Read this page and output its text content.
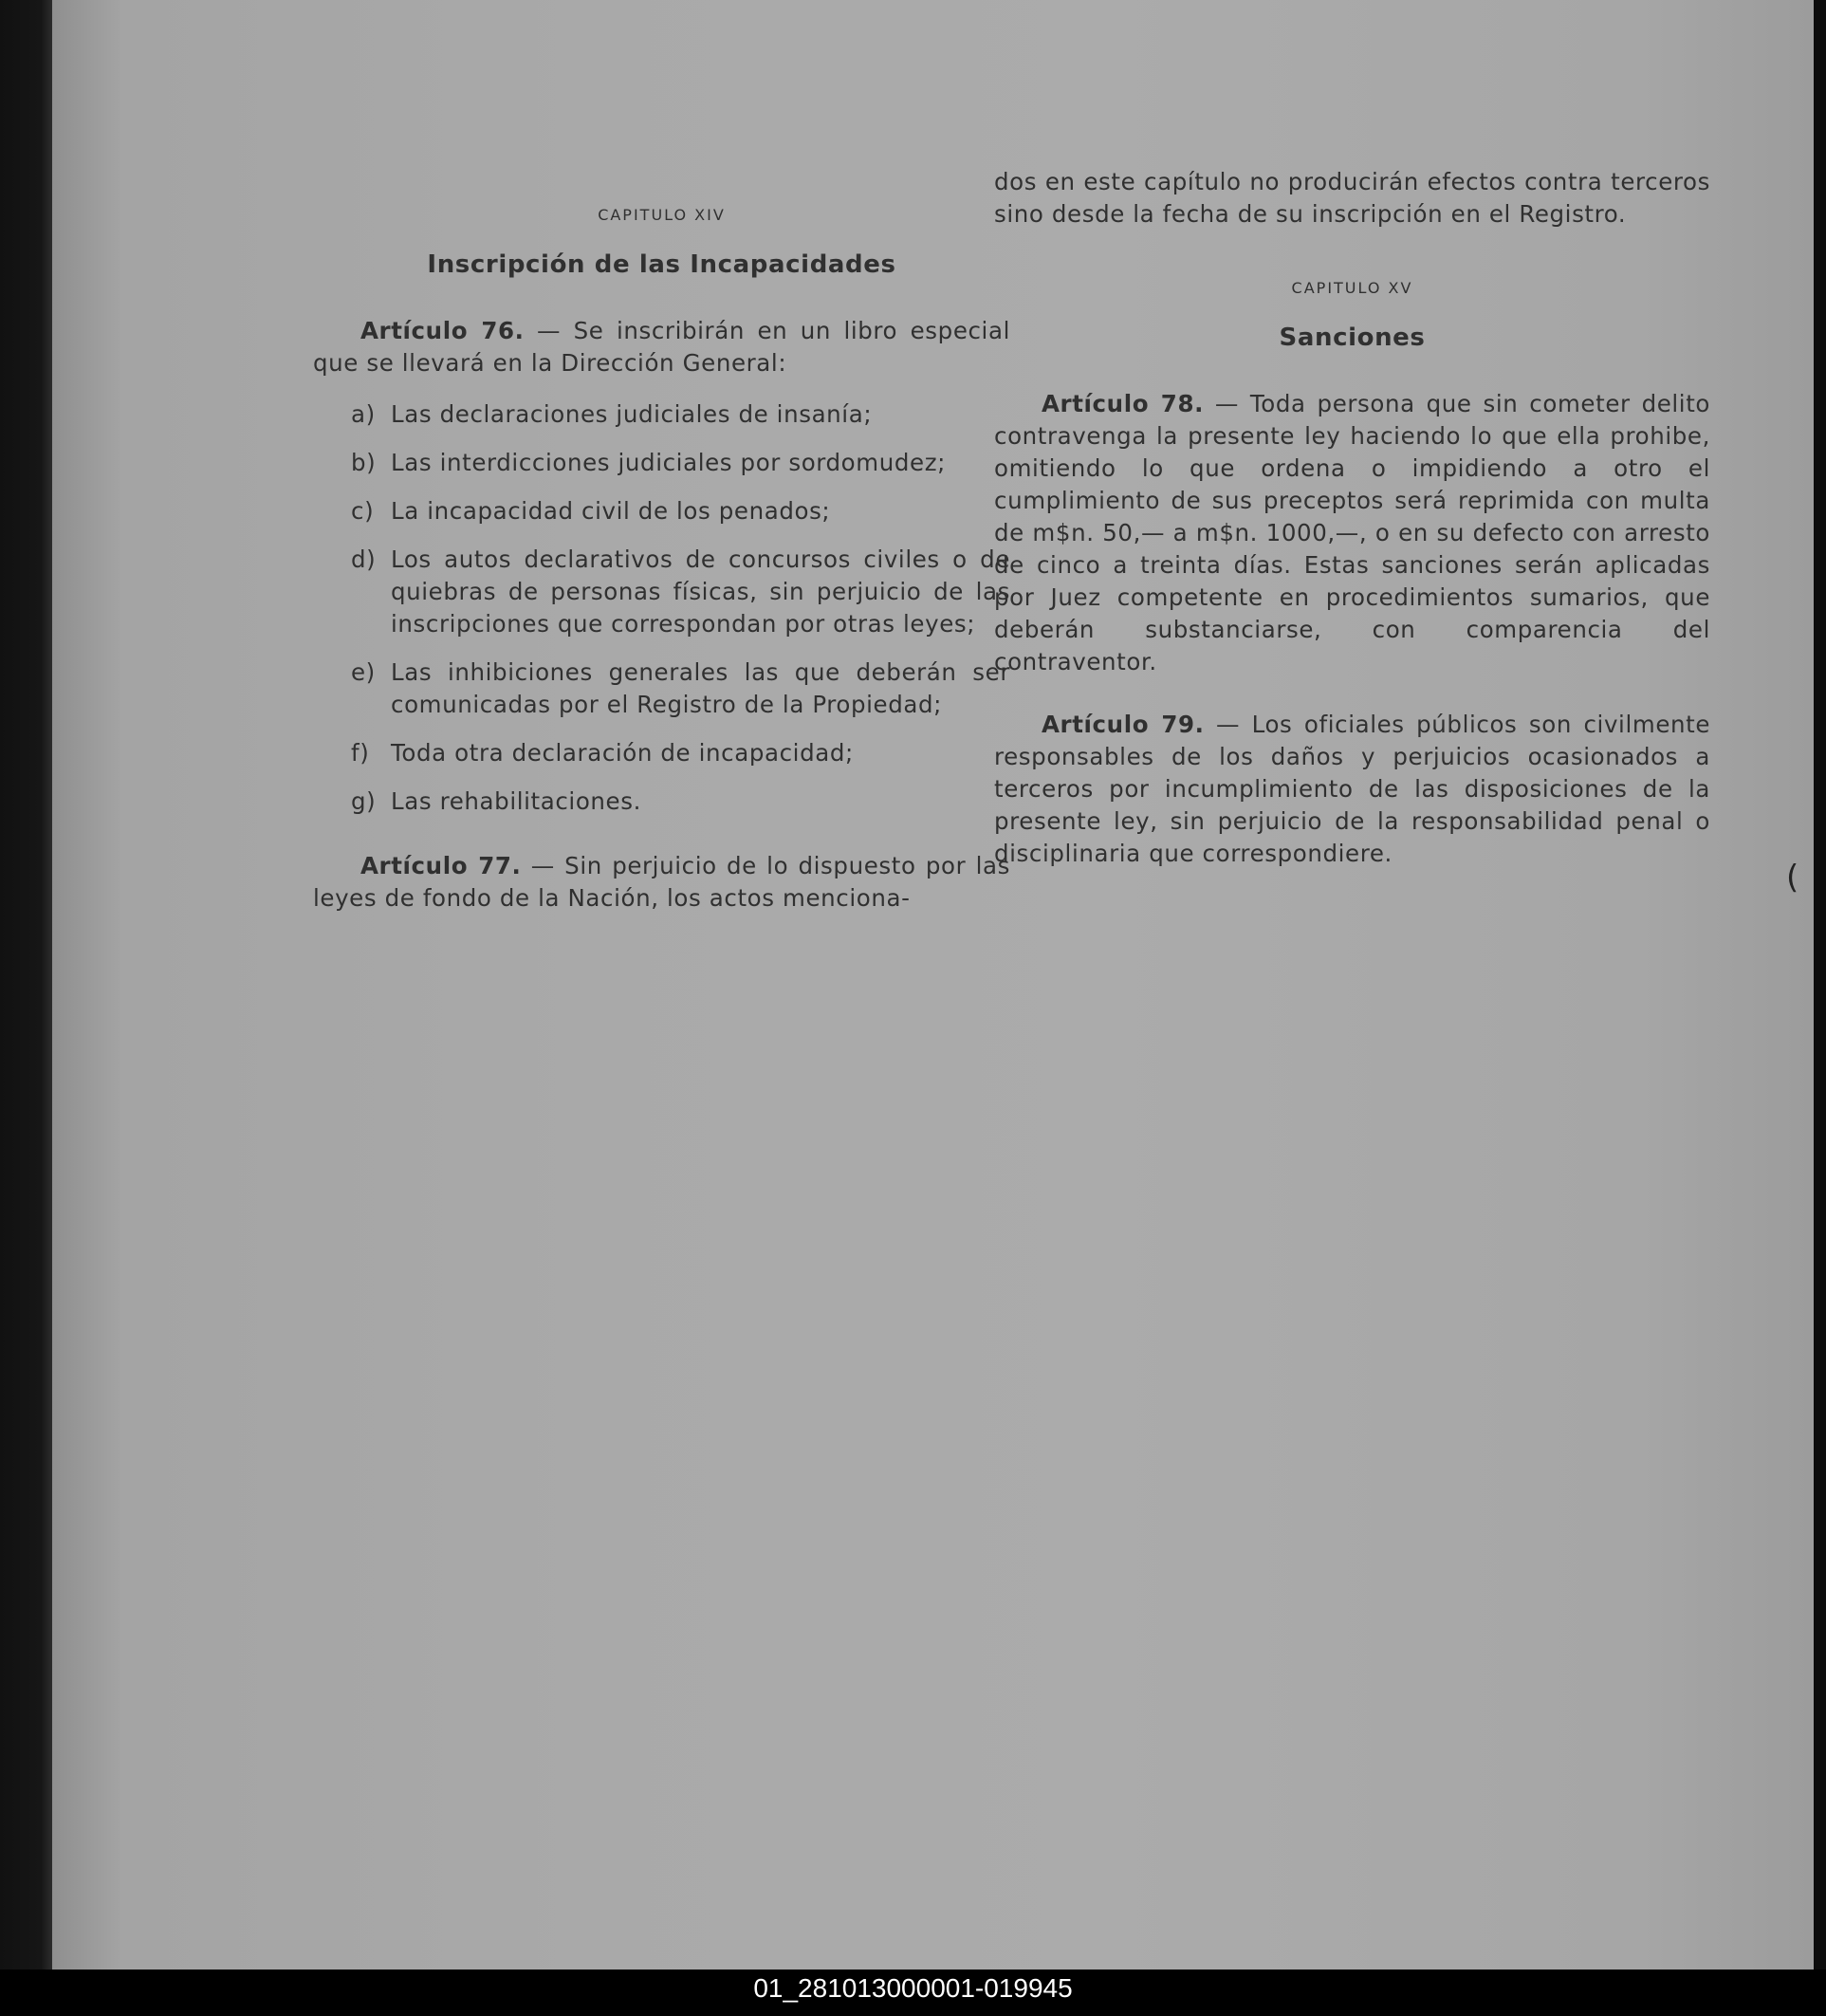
CAPITULO XIV
Inscripción de las Incapacidades

Artículo 76. — Se inscribirán en un libro especial que se llevará en la Dirección General:

a) Las declaraciones judiciales de insanía;
b) Las interdicciones judiciales por sordomudez;
c) La incapacidad civil de los penados;
d) Los autos declarativos de concursos civiles o de quiebras de personas físicas, sin perjuicio de las inscripciones que correspondan por otras leyes;
e) Las inhibiciones generales las que deberán ser comunicadas por el Registro de la Propiedad;
f) Toda otra declaración de incapacidad;
g) Las rehabilitaciones.

Artículo 77. — Sin perjuicio de lo dispuesto por las leyes de fondo de la Nación, los actos menciona-

dos en este capítulo no producirán efectos contra terceros sino desde la fecha de su inscripción en el Registro.

CAPITULO XV
Sanciones

Artículo 78. — Toda persona que sin cometer delito contravenga la presente ley haciendo lo que ella prohibe, omitiendo lo que ordena o impidiendo a otro el cumplimiento de sus preceptos será reprimida con multa de m$n. 50,— a m$n. 1000,—, o en su defecto con arresto de cinco a treinta días. Estas sanciones serán aplicadas por Juez competente en procedimientos sumarios, que deberán substanciarse, con comparencia del contraventor.

Artículo 79. — Los oficiales públicos son civilmente responsables de los daños y perjuicios ocasionados a terceros por incumplimiento de las disposiciones de la presente ley, sin perjuicio de la responsabilidad penal o disciplinaria que correspondiere.

(
01_281013000001-019945
